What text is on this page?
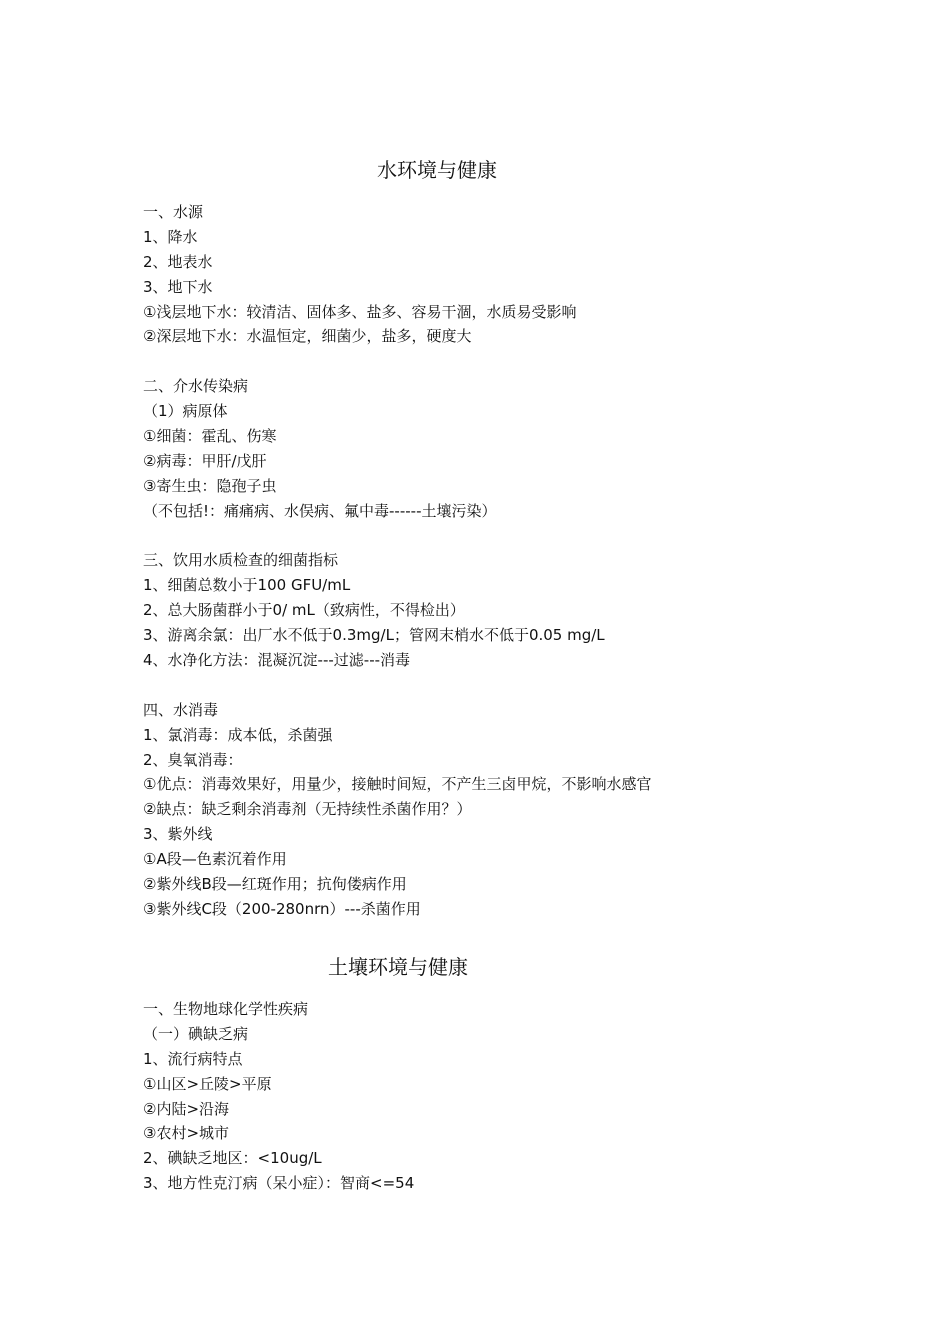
水环境与健康
一、水源
1、降水
2、地表水
3、地下水
①浅层地下水：较清洁、固体多、盐多、容易干涸，水质易受影响
②深层地下水：水温恒定，细菌少，盐多，硬度大
二、介水传染病
（1）病原体
①细菌：霍乱、伤寒
②病毒：甲肝/戊肝
③寄生虫：隐孢子虫
（不包括!：痛痛病、水俣病、氟中毒------土壤污染）
三、饮用水质检查的细菌指标
1、细菌总数小于100 GFU/mL
2、总大肠菌群小于0/ mL（致病性，不得检出）
3、游离余氯：出厂水不低于0.3mg/L；管网末梢水不低于0.05 mg/L
4、水净化方法：混凝沉淀---过滤---消毒
四、水消毒
1、氯消毒：成本低，杀菌强
2、臭氧消毒：
①优点：消毒效果好，用量少，接触时间短，不产生三卤甲烷，不影响水感官
②缺点：缺乏剩余消毒剂（无持续性杀菌作用？）
3、紫外线
①A段—色素沉着作用
②紫外线B段—红斑作用；抗佝偻病作用
③紫外线C段（200-280nrn）---杀菌作用
土壤环境与健康
一、生物地球化学性疾病
（一）碘缺乏病
1、流行病特点
①山区>丘陵>平原
②内陆>沿海
③农村>城市
2、碘缺乏地区：<10ug/L
3、地方性克汀病（呆小症）：智商<=54
